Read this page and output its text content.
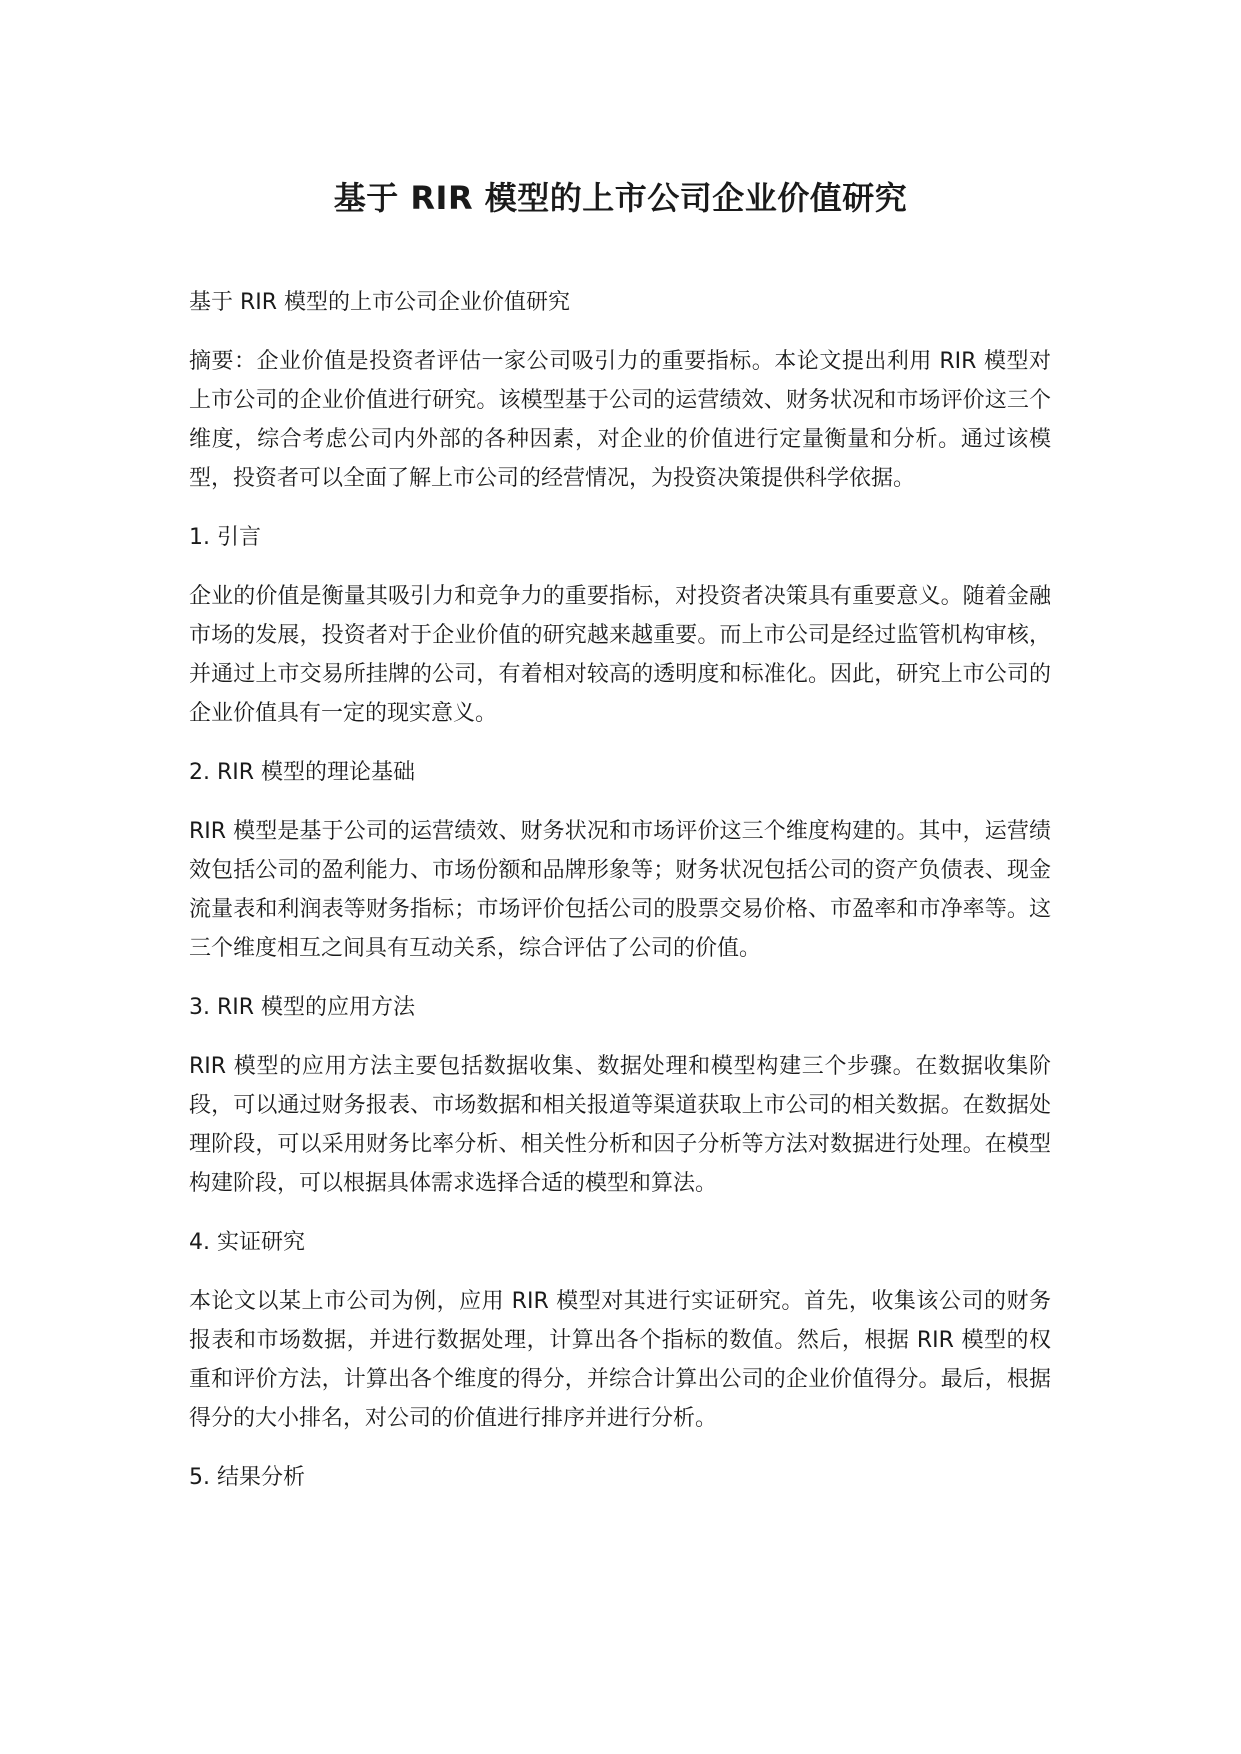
基于 RIR 模型的上市公司企业价值研究

基于 RIR 模型的上市公司企业价值研究

摘要：企业价值是投资者评估一家公司吸引力的重要指标。本论文提出利用 RIR 模型对上市公司的企业价值进行研究。该模型基于公司的运营绩效、财务状况和市场评价这三个维度，综合考虑公司内外部的各种因素，对企业的价值进行定量衡量和分析。通过该模型，投资者可以全面了解上市公司的经营情况，为投资决策提供科学依据。

1. 引言

企业的价值是衡量其吸引力和竞争力的重要指标，对投资者决策具有重要意义。随着金融市场的发展，投资者对于企业价值的研究越来越重要。而上市公司是经过监管机构审核，并通过上市交易所挂牌的公司，有着相对较高的透明度和标准化。因此，研究上市公司的企业价值具有一定的现实意义。

2. RIR 模型的理论基础

RIR 模型是基于公司的运营绩效、财务状况和市场评价这三个维度构建的。其中，运营绩效包括公司的盈利能力、市场份额和品牌形象等；财务状况包括公司的资产负债表、现金流量表和利润表等财务指标；市场评价包括公司的股票交易价格、市盈率和市净率等。这三个维度相互之间具有互动关系，综合评估了公司的价值。

3. RIR 模型的应用方法

RIR 模型的应用方法主要包括数据收集、数据处理和模型构建三个步骤。在数据收集阶段，可以通过财务报表、市场数据和相关报道等渠道获取上市公司的相关数据。在数据处理阶段，可以采用财务比率分析、相关性分析和因子分析等方法对数据进行处理。在模型构建阶段，可以根据具体需求选择合适的模型和算法。

4. 实证研究

本论文以某上市公司为例，应用 RIR 模型对其进行实证研究。首先，收集该公司的财务报表和市场数据，并进行数据处理，计算出各个指标的数值。然后，根据 RIR 模型的权重和评价方法，计算出各个维度的得分，并综合计算出公司的企业价值得分。最后，根据得分的大小排名，对公司的价值进行排序并进行分析。

5. 结果分析
